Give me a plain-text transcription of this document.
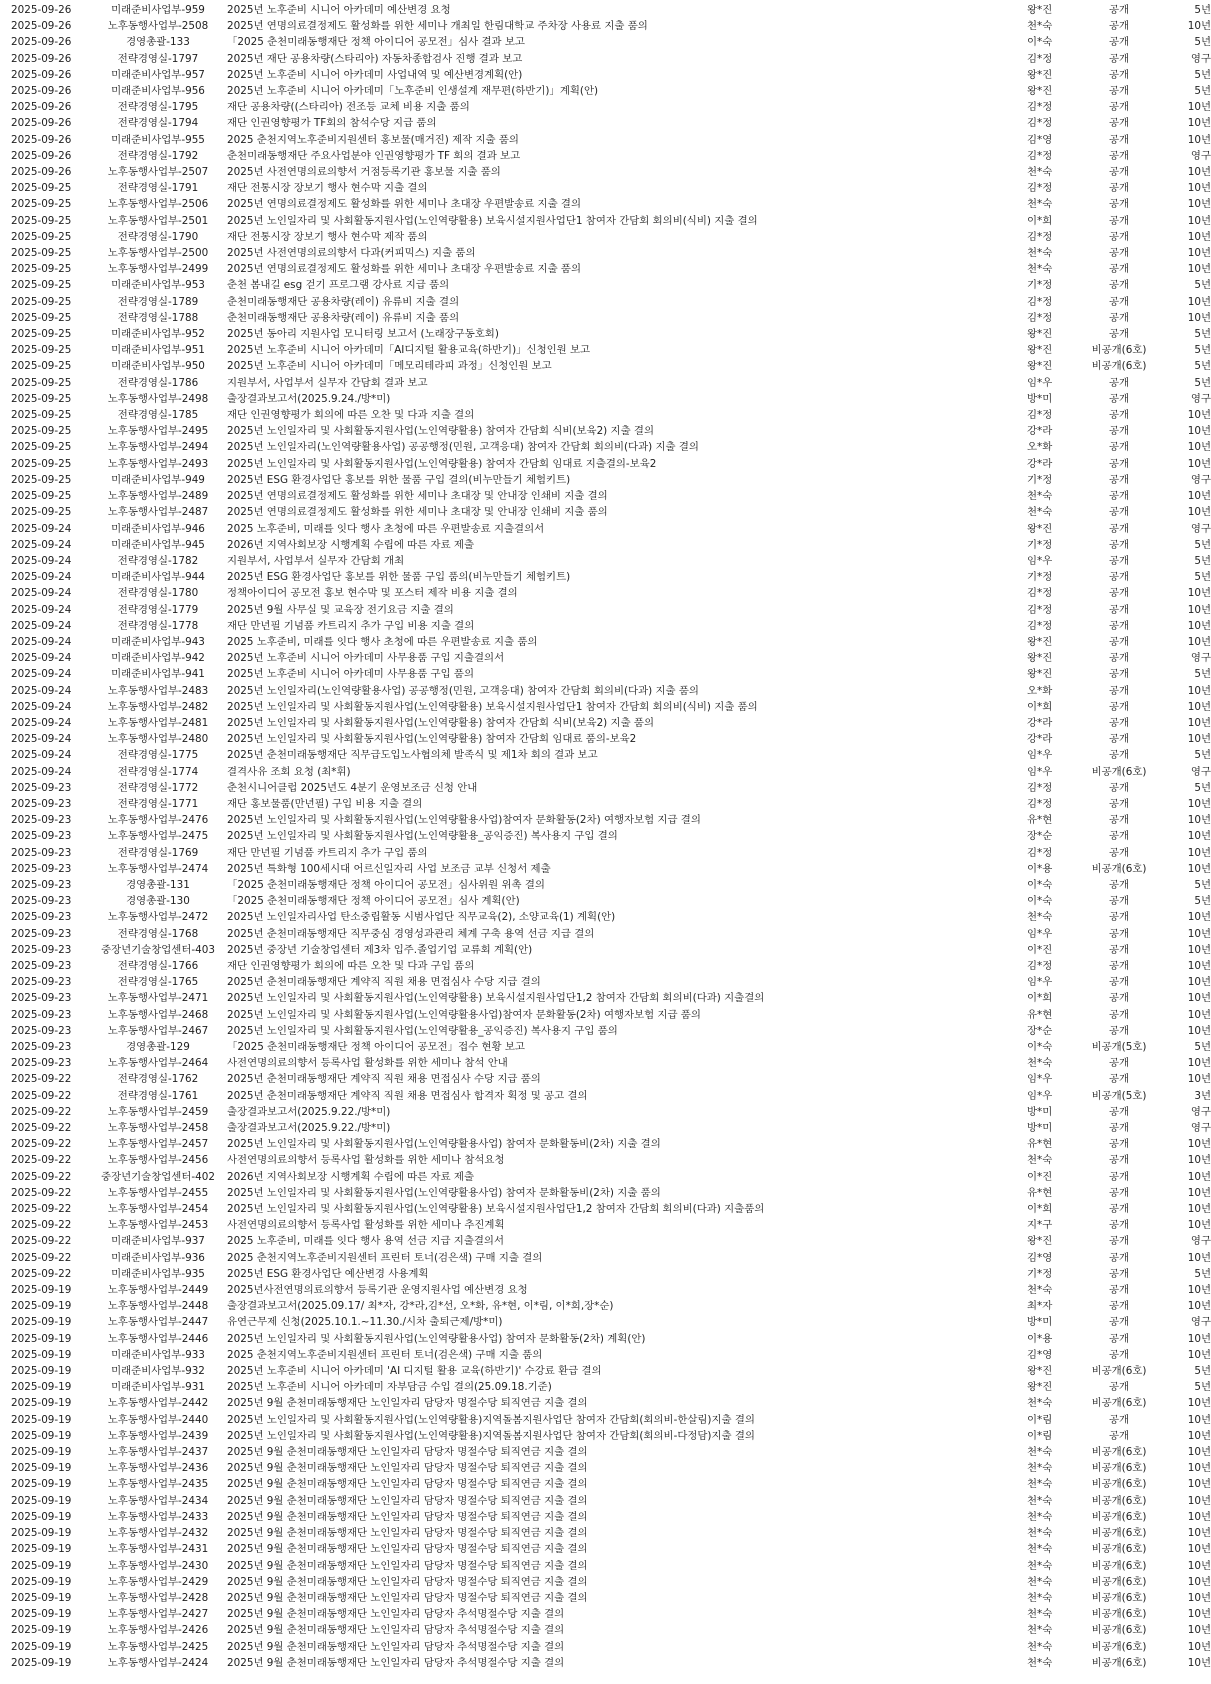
2025-09-26	미래준비사업부-959	2025년 노후준비 시니어 아카데미 예산변경 요청	왕*진	공개	5년
2025-09-26	노후동행사업부-2508	2025년 연명의료결정제도 활성화를 위한 세미나 개최일 한림대학교 주차장 사용료 지출 품의	천*숙	공개	10년
2025-09-26	경영총괄-133	「2025 춘천미래동행재단 정책 아이디어 공모전」심사 결과 보고	이*숙	공개	5년
2025-09-26	전략경영실-1797	2025년 재단 공용차량(스타리아) 자동차종합검사 진행 결과 보고	김*정	공개	영구
2025-09-26	미래준비사업부-957	2025년 노후준비 시니어 아카데미 사업내역 및 예산변경계획(안)	왕*진	공개	5년
2025-09-26	미래준비사업부-956	2025년 노후준비 시니어 아카데미「노후준비 인생설계 재무편(하반기)」계획(안)	왕*진	공개	5년
2025-09-26	전략경영실-1795	재단 공용차량((스타리아) 전조등 교체 비용 지출 품의	김*정	공개	10년
2025-09-26	전략경영실-1794	재단 인권영향평가 TF회의 참석수당 지급 품의	김*정	공개	10년
2025-09-26	미래준비사업부-955	2025 춘천지역노후준비지원센터 홍보물(매거진) 제작 지출 품의	김*영	공개	10년
2025-09-26	전략경영실-1792	춘천미래동행재단 주요사업분야 인권영향평가 TF 회의 결과 보고	김*정	공개	영구
2025-09-26	노후동행사업부-2507	2025년 사전연명의료의향서 거점등록기관 홍보물 지출 품의	천*숙	공개	10년
2025-09-25	전략경영실-1791	재단 전통시장 장보기 행사 현수막 지출 결의	김*정	공개	10년
2025-09-25	노후동행사업부-2506	2025년 연명의료결정제도 활성화를 위한 세미나 초대장 우편발송료 지출 결의	천*숙	공개	10년
2025-09-25	노후동행사업부-2501	2025년 노인일자리 및 사회활동지원사업(노인역량활용) 보육시설지원사업단1 참여자 간담회 회의비(식비) 지출 결의	이*희	공개	10년
2025-09-25	전략경영실-1790	재단 전통시장 장보기 행사 현수막 제작 품의	김*정	공개	10년
2025-09-25	노후동행사업부-2500	2025년 사전연명의료의향서 다과(커피믹스) 지출 품의	천*숙	공개	10년
2025-09-25	노후동행사업부-2499	2025년 연명의료결정제도 활성화를 위한 세미나 초대장 우편발송료 지출 품의	천*숙	공개	10년
2025-09-25	미래준비사업부-953	춘천 봄내길 esg 걷기 프로그램 강사료 지급 품의	기*정	공개	5년
2025-09-25	전략경영실-1789	춘천미래동행재단 공용차량(레이) 유류비 지출 결의	김*정	공개	10년
2025-09-25	전략경영실-1788	춘천미래동행재단 공용차량(레이) 유류비 지출 품의	김*정	공개	10년
2025-09-25	미래준비사업부-952	2025년 동아리 지원사업 모니터링 보고서 (노래장구동호회)	왕*진	공개	5년
2025-09-25	미래준비사업부-951	2025년 노후준비 시니어 아카데미「AI디지털 활용교육(하반기)」신청인원 보고	왕*진	비공개(6호)	5년
2025-09-25	미래준비사업부-950	2025년 노후준비 시니어 아카데미「메모리테라피 과정」신청인원 보고	왕*진	비공개(6호)	5년
2025-09-25	전략경영실-1786	지원부서, 사업부서 실무자 간담회 결과 보고	임*우	공개	5년
2025-09-25	노후동행사업부-2498	출장결과보고서(2025.9.24./방*미)	방*미	공개	영구
2025-09-25	전략경영실-1785	재단 인권영향평가 회의에 따른 오찬 및 다과 지출 결의	김*정	공개	10년
2025-09-25	노후동행사업부-2495	2025년 노인일자리 및 사회활동지원사업(노인역량활용) 참여자 간담회 식비(보육2) 지출 결의	강*라	공개	10년
2025-09-25	노후동행사업부-2494	2025년 노인일자리(노인역량활용사업) 공공행정(민원, 고객응대) 참여자 간담회 회의비(다과) 지출 결의	오*화	공개	10년
2025-09-25	노후동행사업부-2493	2025년 노인일자리 및 사회활동지원사업(노인역량활용) 참여자 간담회 임대료 지출결의-보육2	강*라	공개	10년
2025-09-25	미래준비사업부-949	2025년 ESG 환경사업단 홍보를 위한 물품 구입 결의(비누만들기 체험키트)	기*정	공개	영구
2025-09-25	노후동행사업부-2489	2025년 연명의료결정제도 활성화를 위한 세미나 초대장 및 안내장 인쇄비 지출 결의	천*숙	공개	10년
2025-09-25	노후동행사업부-2487	2025년 연명의료결정제도 활성화를 위한 세미나 초대장 및 안내장 인쇄비 지출 품의	천*숙	공개	10년
2025-09-24	미래준비사업부-946	2025 노후준비, 미래를 잇다 행사 초청에 따른 우편발송료 지출결의서	왕*진	공개	영구
2025-09-24	미래준비사업부-945	2026년 지역사회보장 시행계획 수립에 따른 자료 제출	기*정	공개	5년
2025-09-24	전략경영실-1782	지원부서, 사업부서 실무자 간담회 개최	임*우	공개	5년
2025-09-24	미래준비사업부-944	2025년 ESG 환경사업단 홍보를 위한 물품 구입 품의(비누만들기 체험키트)	기*정	공개	5년
2025-09-24	전략경영실-1780	정책아이디어 공모전 홍보 현수막 및 포스터 제작 비용 지출 결의	김*정	공개	10년
2025-09-24	전략경영실-1779	2025년 9월 사무실 및 교육장 전기요금 지출 결의	김*정	공개	10년
2025-09-24	전략경영실-1778	재단 만년필 기념품 카트리지 추가 구입 비용 지출 결의	김*정	공개	10년
2025-09-24	미래준비사업부-943	2025 노후준비, 미래를 잇다 행사 초청에 따른 우편발송료 지출 품의	왕*진	공개	10년
2025-09-24	미래준비사업부-942	2025년 노후준비 시니어 아카데미 사무용품 구입 지출결의서	왕*진	공개	영구
2025-09-24	미래준비사업부-941	2025년 노후준비 시니어 아카데미 사무용품 구입 품의	왕*진	공개	5년
2025-09-24	노후동행사업부-2483	2025년 노인일자리(노인역량활용사업) 공공행정(민원, 고객응대) 참여자 간담회 회의비(다과) 지출 품의	오*화	공개	10년
2025-09-24	노후동행사업부-2482	2025년 노인일자리 및 사회활동지원사업(노인역량활용) 보육시설지원사업단1 참여자 간담회 회의비(식비) 지출 품의	이*희	공개	10년
2025-09-24	노후동행사업부-2481	2025년 노인일자리 및 사회활동지원사업(노인역량활용) 참여자 간담회 식비(보육2) 지출 품의	강*라	공개	10년
2025-09-24	노후동행사업부-2480	2025년 노인일자리 및 사회활동지원사업(노인역량활용) 참여자 간담회 임대료 품의-보육2	강*라	공개	10년
2025-09-24	전략경영실-1775	2025년 춘천미래동행재단 직무급도입노사협의체 발족식 및 제1차 회의 결과 보고	임*우	공개	5년
2025-09-24	전략경영실-1774	결격사유 조회 요청 (최*휘)	임*우	비공개(6호)	영구
2025-09-23	전략경영실-1772	춘천시니어클럽 2025년도 4분기 운영보조금 신청 안내	김*정	공개	5년
2025-09-23	전략경영실-1771	재단 홍보물품(만년필) 구입 비용 지출 결의	김*정	공개	10년
2025-09-23	노후동행사업부-2476	2025년 노인일자리 및 사회활동지원사업(노인역량활용사업)참여자 문화활동(2차) 여행자보험 지급 결의	유*현	공개	10년
2025-09-23	노후동행사업부-2475	2025년 노인일자리 및 사회활동지원사업(노인역량활용_공익증진) 복사용지 구입 결의	장*순	공개	10년
2025-09-23	전략경영실-1769	재단 만년필 기념품 카트리지 추가 구입 품의	김*정	공개	10년
2025-09-23	노후동행사업부-2474	2025년 특화형 100세시대 어르신일자리 사업 보조금 교부 신청서 제출	이*용	비공개(6호)	10년
2025-09-23	경영총괄-131	「2025 춘천미래동행재단 정책 아이디어 공모전」심사위원 위촉 결의	이*숙	공개	5년
2025-09-23	경영총괄-130	「2025 춘천미래동행재단 정책 아이디어 공모전」심사 계획(안)	이*숙	공개	5년
2025-09-23	노후동행사업부-2472	2025년 노인일자리사업 탄소중립활동 시범사업단 직무교육(2), 소양교육(1) 계획(안)	천*숙	공개	10년
2025-09-23	전략경영실-1768	2025년 춘천미래동행재단 직무중심 경영성과관리 체계 구축 용역 선금 지급 결의	임*우	공개	10년
2025-09-23	중장년기술창업센터-403	2025년 중장년 기술창업센터 제3차 입주.졸업기업 교류회 계획(안)	이*진	공개	10년
2025-09-23	전략경영실-1766	재단 인권영향평가 회의에 따른 오찬 및 다과 구입 품의	김*정	공개	10년
2025-09-23	전략경영실-1765	2025년 춘천미래동행재단 계약직 직원 채용 면접심사 수당 지급 결의	임*우	공개	10년
2025-09-23	노후동행사업부-2471	2025년 노인일자리 및 사회활동지원사업(노인역량활용) 보육시설지원사업단1,2 참여자 간담회 회의비(다과) 지출결의	이*희	공개	10년
2025-09-23	노후동행사업부-2468	2025년 노인일자리 및 사회활동지원사업(노인역량활용사업)참여자 문화활동(2차) 여행자보험 지급 품의	유*현	공개	10년
2025-09-23	노후동행사업부-2467	2025년 노인일자리 및 사회활동지원사업(노인역량활용_공익증진) 복사용지 구입 품의	장*순	공개	10년
2025-09-23	경영총괄-129	「2025 춘천미래동행재단 정책 아이디어 공모전」접수 현황 보고	이*숙	비공개(5호)	5년
2025-09-23	노후동행사업부-2464	사전연명의료의향서 등록사업 활성화를 위한 세미나 참석 안내	천*숙	공개	10년
2025-09-22	전략경영실-1762	2025년 춘천미래동행재단 계약직 직원 채용 면접심사 수당 지급 품의	임*우	공개	10년
2025-09-22	전략경영실-1761	2025년 춘천미래동행재단 계약직 직원 채용 면접심사 합격자 획정 및 공고 결의	임*우	비공개(5호)	3년
2025-09-22	노후동행사업부-2459	출장결과보고서(2025.9.22./방*미)	방*미	공개	영구
2025-09-22	노후동행사업부-2458	출장결과보고서(2025.9.22./방*미)	방*미	공개	영구
2025-09-22	노후동행사업부-2457	2025년 노인일자리 및 사회활동지원사업(노인역량활용사업) 참여자 문화활동비(2차) 지출 결의	유*현	공개	10년
2025-09-22	노후동행사업부-2456	사전연명의료의향서 등록사업 활성화를 위한 세미나 참석요청	천*숙	공개	10년
2025-09-22	중장년기술창업센터-402	2026년 지역사회보장 시행계획 수립에 따른 자료 제출	이*진	공개	10년
2025-09-22	노후동행사업부-2455	2025년 노인일자리 및 사회활동지원사업(노인역량활용사업) 참여자 문화활동비(2차) 지출 품의	유*현	공개	10년
2025-09-22	노후동행사업부-2454	2025년 노인일자리 및 사회활동지원사업(노인역량활용) 보육시설지원사업단1,2 참여자 간담회 회의비(다과) 지출품의	이*희	공개	10년
2025-09-22	노후동행사업부-2453	사전연명의료의향서 등록사업 활성화를 위한 세미나 추진계획	지*구	공개	10년
2025-09-22	미래준비사업부-937	2025 노후준비, 미래를 잇다 행사 용역 선금 지급 지출결의서	왕*진	공개	영구
2025-09-22	미래준비사업부-936	2025 춘천지역노후준비지원센터 프린터 토너(검은색) 구매 지출 결의	김*영	공개	10년
2025-09-22	미래준비사업부-935	2025년 ESG 환경사업단 예산변경 사용계획	기*정	공개	5년
2025-09-19	노후동행사업부-2449	2025년사전연명의료의향서 등록기관 운영지원사업 예산변경 요청	천*숙	공개	10년
2025-09-19	노후동행사업부-2448	출장결과보고서(2025.09.17/ 최*자, 강*라,김*선, 오*화, 유*현, 이*림, 이*희,장*순)	최*자	공개	10년
2025-09-19	노후동행사업부-2447	유연근무제 신청(2025.10.1.~11.30./시차 출퇴근제/방*미)	방*미	공개	영구
2025-09-19	노후동행사업부-2446	2025년 노인일자리 및 사회활동지원사업(노인역량활용사업) 참여자 문화활동(2차) 계획(안)	이*용	공개	10년
2025-09-19	미래준비사업부-933	2025 춘천지역노후준비지원센터 프린터 토너(검은색) 구매 지출 품의	김*영	공개	10년
2025-09-19	미래준비사업부-932	2025년 노후준비 시니어 아카데미 'AI 디지털 활용 교육(하반기)' 수강료 환급 결의	왕*진	비공개(6호)	5년
2025-09-19	미래준비사업부-931	2025년 노후준비 시니어 아카데미 자부담금 수입 결의(25.09.18.기준)	왕*진	공개	5년
2025-09-19	노후동행사업부-2442	2025년 9월 춘천미래동행재단 노인일자리 담당자 명절수당 퇴직연금 지출 결의	천*숙	비공개(6호)	10년
2025-09-19	노후동행사업부-2440	2025년 노인일자리 및 사회활동지원사업(노인역량활용)지역돌봄지원사업단 참여자 간담회(회의비-한살림)지출 결의	이*림	공개	10년
2025-09-19	노후동행사업부-2439	2025년 노인일자리 및 사회활동지원사업(노인역량활용)지역돌봄지원사업단 참여자 간담회(회의비-다정담)지출 결의	이*림	공개	10년
2025-09-19	노후동행사업부-2437	2025년 9월 춘천미래동행재단 노인일자리 담당자 명절수당 퇴직연금 지출 결의	천*숙	비공개(6호)	10년
2025-09-19	노후동행사업부-2436	2025년 9월 춘천미래동행재단 노인일자리 담당자 명절수당 퇴직연금 지출 결의	천*숙	비공개(6호)	10년
2025-09-19	노후동행사업부-2435	2025년 9월 춘천미래동행재단 노인일자리 담당자 명절수당 퇴직연금 지출 결의	천*숙	비공개(6호)	10년
2025-09-19	노후동행사업부-2434	2025년 9월 춘천미래동행재단 노인일자리 담당자 명절수당 퇴직연금 지출 결의	천*숙	비공개(6호)	10년
2025-09-19	노후동행사업부-2433	2025년 9월 춘천미래동행재단 노인일자리 담당자 명절수당 퇴직연금 지출 결의	천*숙	비공개(6호)	10년
2025-09-19	노후동행사업부-2432	2025년 9월 춘천미래동행재단 노인일자리 담당자 명절수당 퇴직연금 지출 결의	천*숙	비공개(6호)	10년
2025-09-19	노후동행사업부-2431	2025년 9월 춘천미래동행재단 노인일자리 담당자 명절수당 퇴직연금 지출 결의	천*숙	비공개(6호)	10년
2025-09-19	노후동행사업부-2430	2025년 9월 춘천미래동행재단 노인일자리 담당자 명절수당 퇴직연금 지출 결의	천*숙	비공개(6호)	10년
2025-09-19	노후동행사업부-2429	2025년 9월 춘천미래동행재단 노인일자리 담당자 명절수당 퇴직연금 지출 결의	천*숙	비공개(6호)	10년
2025-09-19	노후동행사업부-2428	2025년 9월 춘천미래동행재단 노인일자리 담당자 명절수당 퇴직연금 지출 결의	천*숙	비공개(6호)	10년
2025-09-19	노후동행사업부-2427	2025년 9월 춘천미래동행재단 노인일자리 담당자 추석명절수당 지출 결의	천*숙	비공개(6호)	10년
2025-09-19	노후동행사업부-2426	2025년 9월 춘천미래동행재단 노인일자리 담당자 추석명절수당 지출 결의	천*숙	비공개(6호)	10년
2025-09-19	노후동행사업부-2425	2025년 9월 춘천미래동행재단 노인일자리 담당자 추석명절수당 지출 결의	천*숙	비공개(6호)	10년
2025-09-19	노후동행사업부-2424	2025년 9월 춘천미래동행재단 노인일자리 담당자 추석명절수당 지출 결의	천*숙	비공개(6호)	10년
